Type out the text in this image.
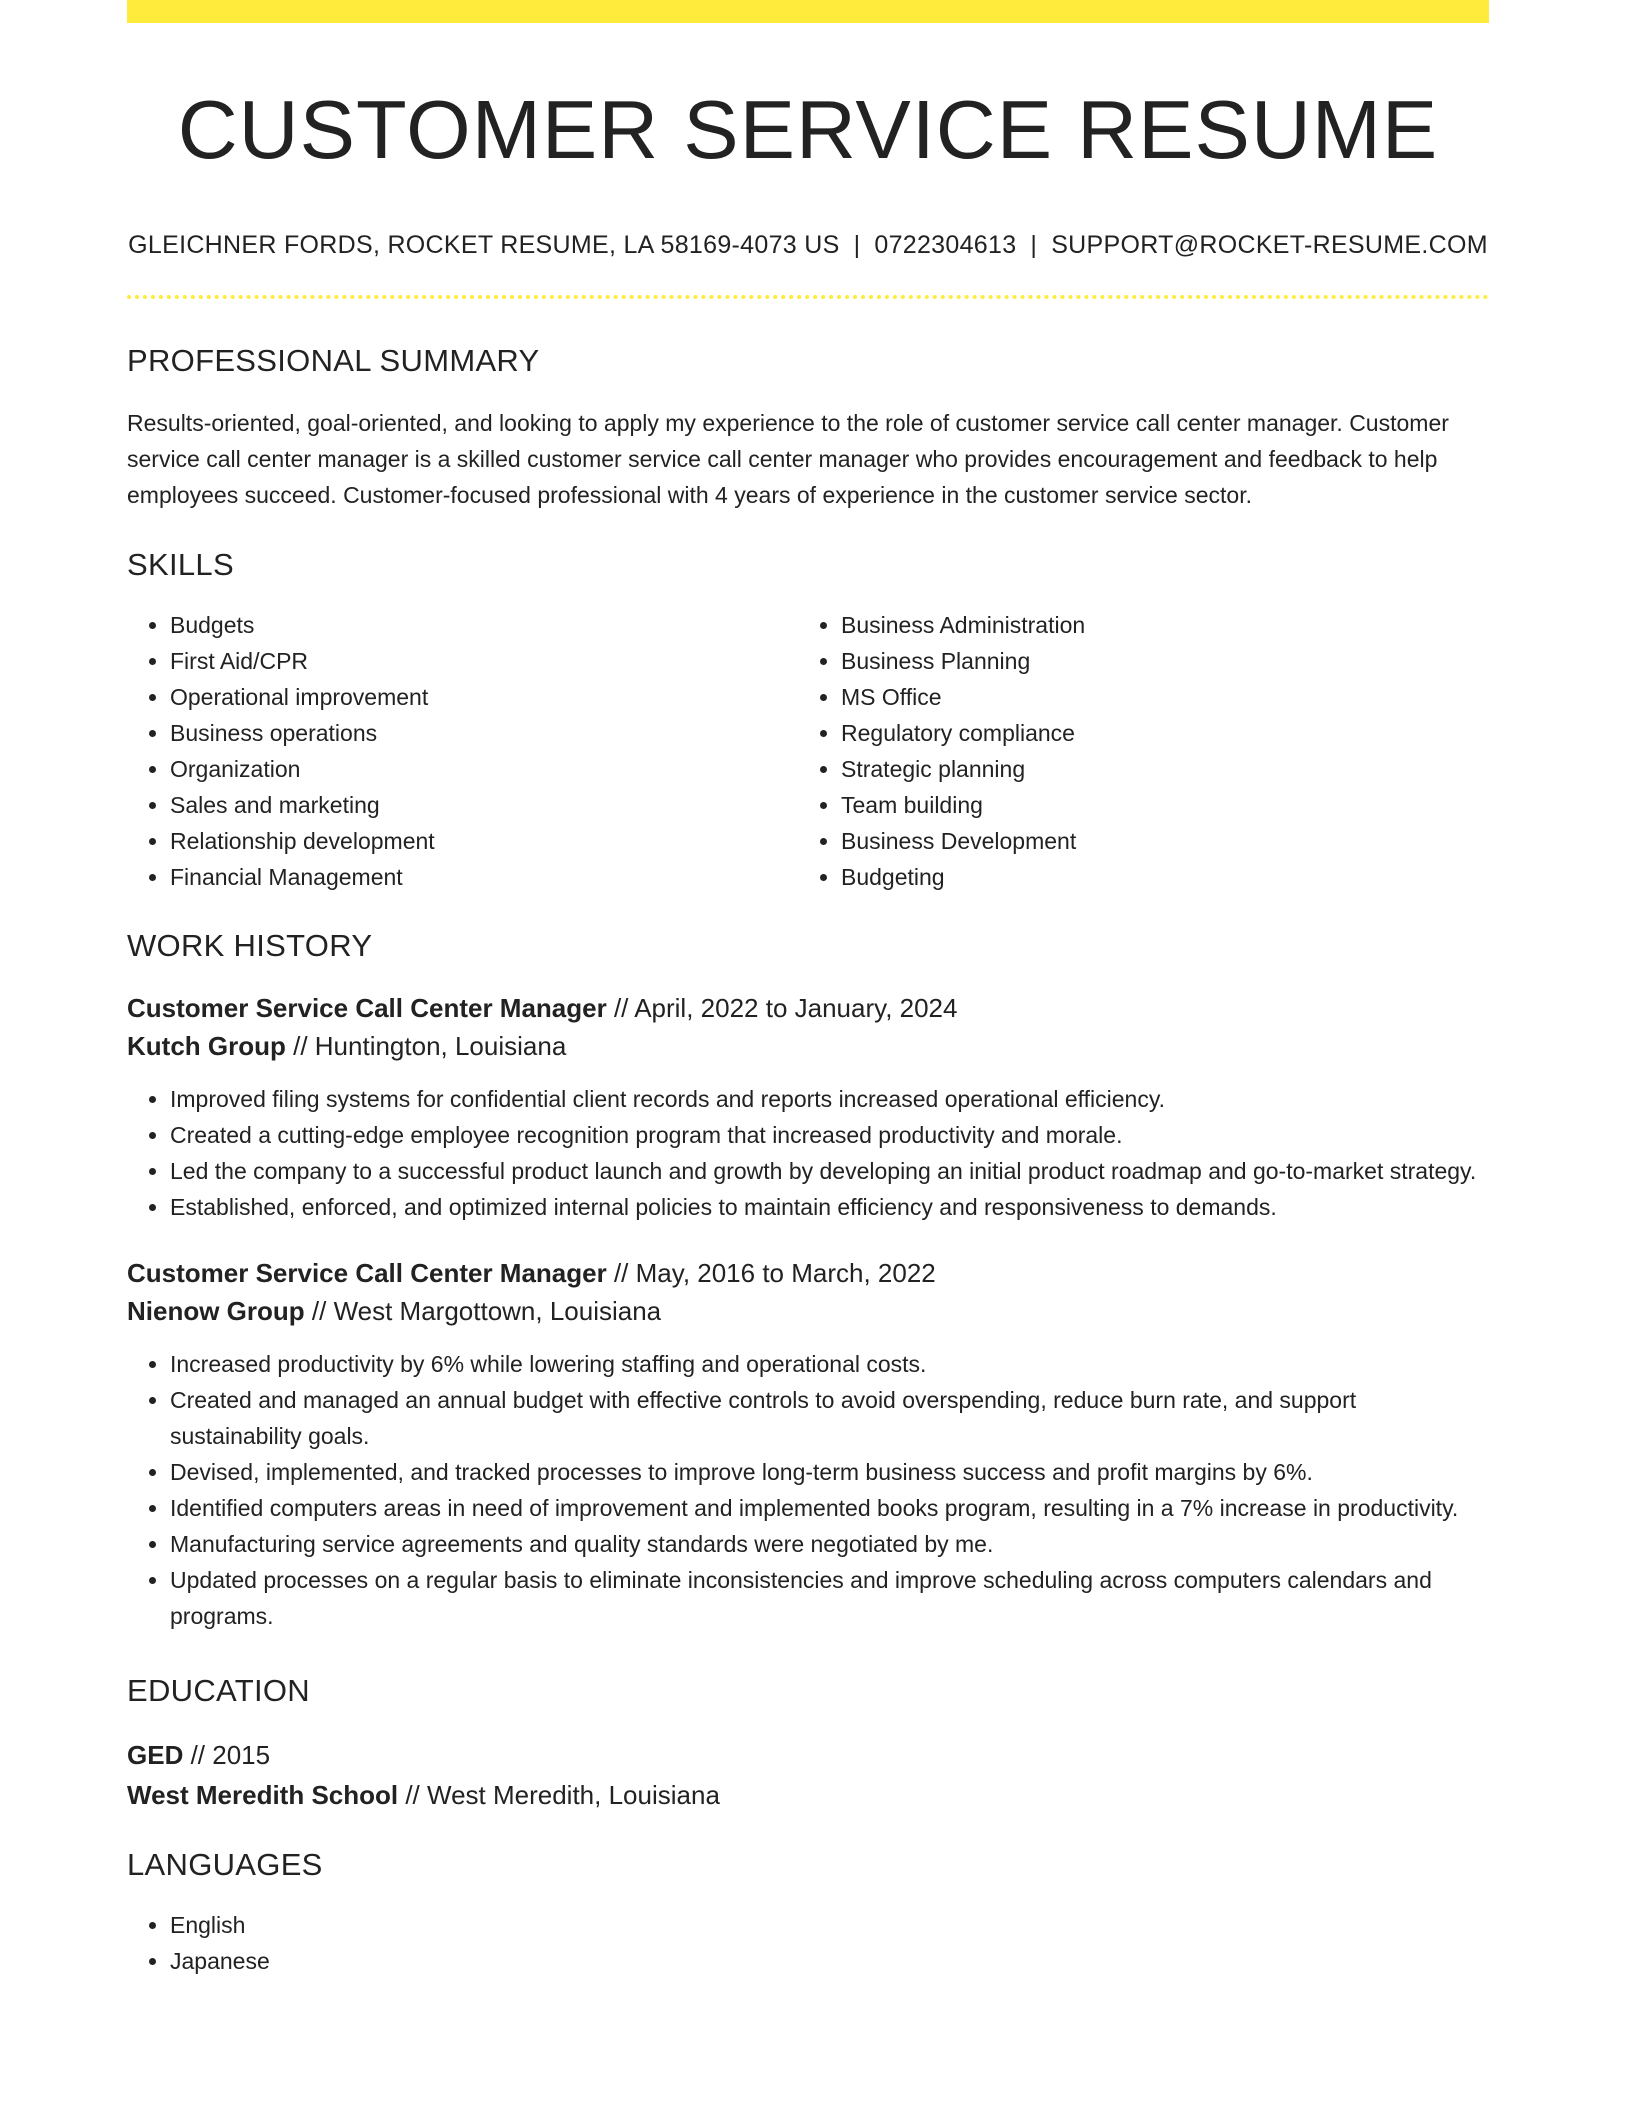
CUSTOMER SERVICE RESUME
GLEICHNER FORDS, ROCKET RESUME, LA 58169-4073 US | 0722304613 | SUPPORT@ROCKET-RESUME.COM
PROFESSIONAL SUMMARY

Results-oriented, goal-oriented, and looking to apply my experience to the role of customer service call center manager. Customer service call center manager is a skilled customer service call center manager who provides encouragement and feedback to help employees succeed. Customer-focused professional with 4 years of experience in the customer service sector.

SKILLS
• Budgets
• First Aid/CPR
• Operational improvement
• Business operations
• Organization
• Sales and marketing
• Relationship development
• Financial Management
• Business Administration
• Business Planning
• MS Office
• Regulatory compliance
• Strategic planning
• Team building
• Business Development
• Budgeting
WORK HISTORY
Customer Service Call Center Manager // April, 2022 to January, 2024
Kutch Group // Huntington, Louisiana
• Improved filing systems for confidential client records and reports increased operational efficiency.
• Created a cutting-edge employee recognition program that increased productivity and morale.
• Led the company to a successful product launch and growth by developing an initial product roadmap and go-to-market strategy.
• Established, enforced, and optimized internal policies to maintain efficiency and responsiveness to demands.
Customer Service Call Center Manager // May, 2016 to March, 2022
Nienow Group // West Margottown, Louisiana
• Increased productivity by 6% while lowering staffing and operational costs.
• Created and managed an annual budget with effective controls to avoid overspending, reduce burn rate, and support sustainability goals.
• Devised, implemented, and tracked processes to improve long-term business success and profit margins by 6%.
• Identified computers areas in need of improvement and implemented books program, resulting in a 7% increase in productivity.
• Manufacturing service agreements and quality standards were negotiated by me.
• Updated processes on a regular basis to eliminate inconsistencies and improve scheduling across computers calendars and programs.
EDUCATION
GED // 2015
West Meredith School // West Meredith, Louisiana
LANGUAGES
• English
• Japanese
